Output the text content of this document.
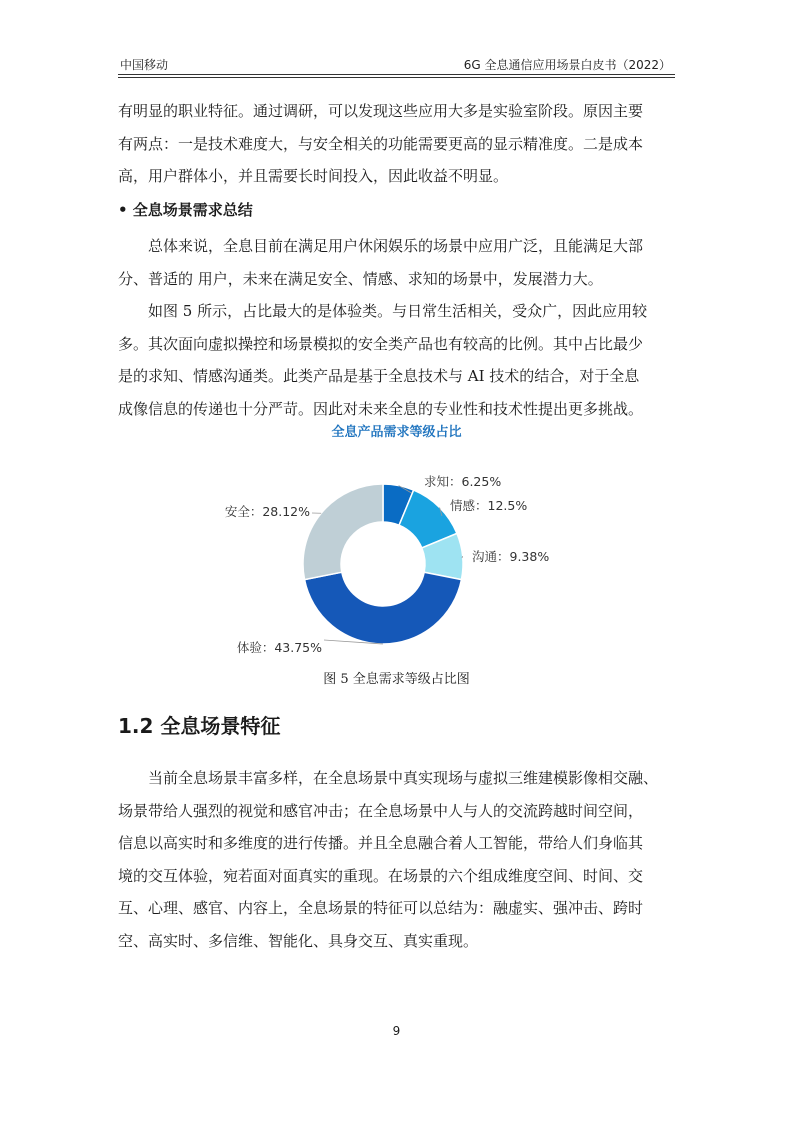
中国移动	6G 全息通信应用场景白皮书（2022）

有明显的职业特征。通过调研，可以发现这些应用大多是实验室阶段。原因主要
有两点：一是技术难度大，与安全相关的功能需要更高的显示精准度。二是成本
高，用户群体小，并且需要长时间投入，因此收益不明显。

• 全息场景需求总结

总体来说，全息目前在满足用户休闲娱乐的场景中应用广泛，且能满足大部
分、普适的 用户，未来在满足安全、情感、求知的场景中，发展潜力大。

如图 5 所示，占比最大的是体验类。与日常生活相关，受众广，因此应用较
多。其次面向虚拟操控和场景模拟的安全类产品也有较高的比例。其中占比最少
是的求知、情感沟通类。此类产品是基于全息技术与 AI 技术的结合，对于全息
成像信息的传递也十分严苛。因此对未来全息的专业性和技术性提出更多挑战。

全息产品需求等级占比
求知：6.25%
情感：12.5%
沟通：9.38%
体验：43.75%
安全：28.12%
图 5 全息需求等级占比图
1.2 全息场景特征

当前全息场景丰富多样，在全息场景中真实现场与虚拟三维建模影像相交融、
场景带给人强烈的视觉和感官冲击；在全息场景中人与人的交流跨越时间空间，
信息以高实时和多维度的进行传播。并且全息融合着人工智能，带给人们身临其
境的交互体验，宛若面对面真实的重现。在场景的六个组成维度空间、时间、交
互、心理、感官、内容上，全息场景的特征可以总结为：融虚实、强冲击、跨时
空、高实时、多信维、智能化、具身交互、真实重现。

9
